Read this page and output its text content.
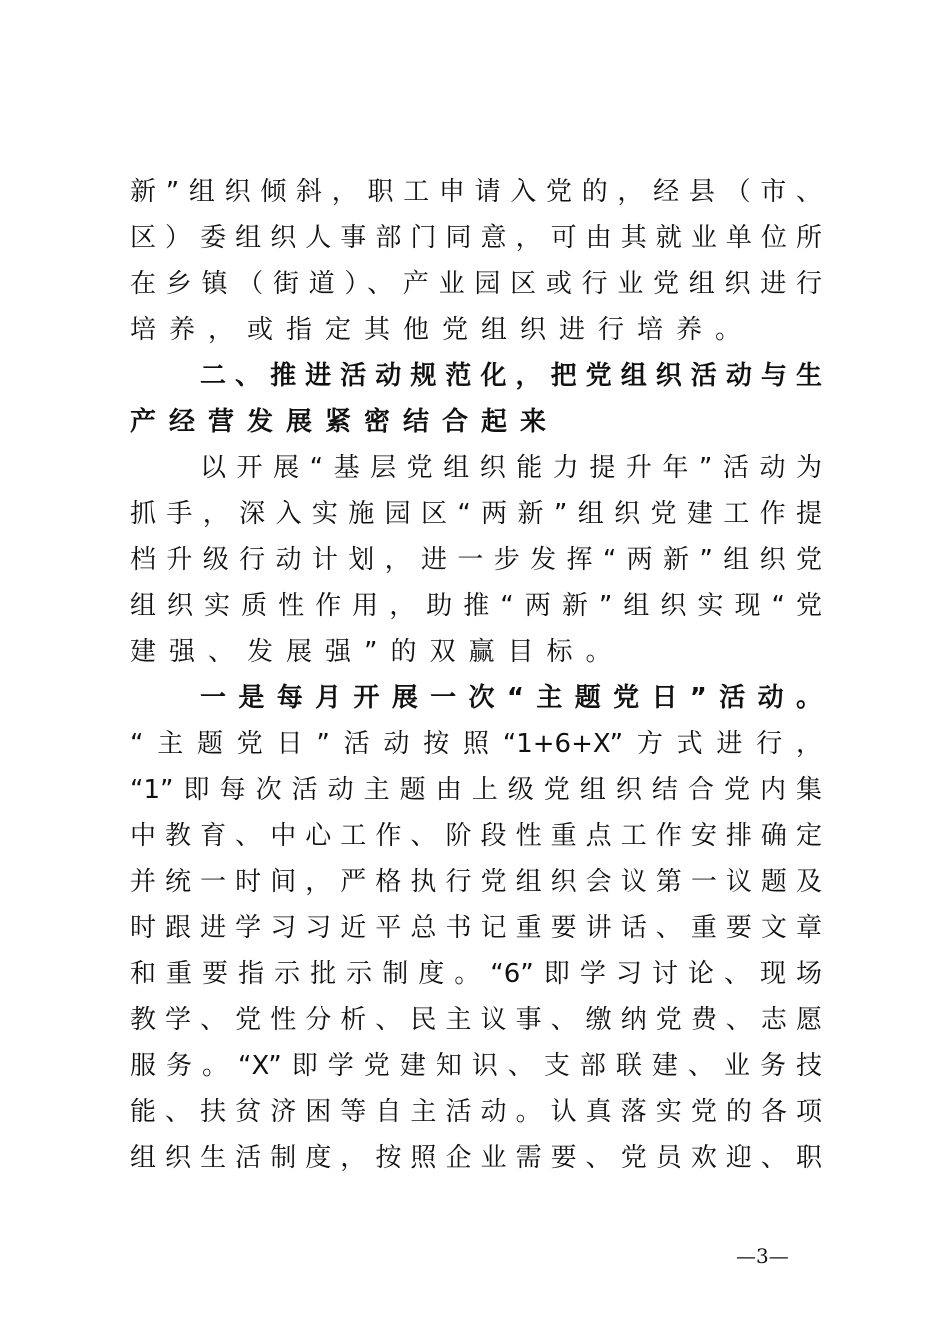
新”组织倾斜，职工申请入党的，经县（市、
区）委组织人事部门同意，可由其就业单位所
在乡镇（街道）、产业园区或行业党组织进行
培养，或指定其他党组织进行培养。
二、推进活动规范化，把党组织活动与生
产经营发展紧密结合起来
以开展“基层党组织能力提升年”活动为
抓手，深入实施园区“两新”组织党建工作提
档升级行动计划，进一步发挥“两新”组织党
组织实质性作用，助推“两新”组织实现“党
建强、发展强”的双赢目标。
一是每月开展一次“主题党日”活动。
“主题党日”活动按照“1+6+X”方式进行，
“1”即每次活动主题由上级党组织结合党内集
中教育、中心工作、阶段性重点工作安排确定
并统一时间，严格执行党组织会议第一议题及
时跟进学习习近平总书记重要讲话、重要文章
和重要指示批示制度。“6”即学习讨论、现场
教学、党性分析、民主议事、缴纳党费、志愿
服务。“X”即学党建知识、支部联建、业务技
能、扶贫济困等自主活动。认真落实党的各项
组织生活制度，按照企业需要、党员欢迎、职
—3—
